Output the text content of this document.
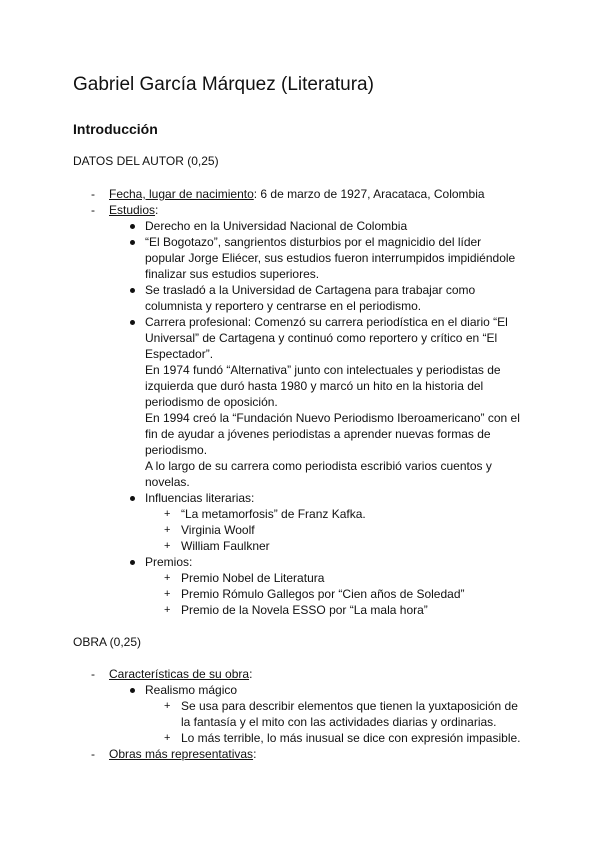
Gabriel García Márquez (Literatura)
Introducción

DATOS DEL AUTOR (0,25)

- Fecha, lugar de nacimiento: 6 de marzo de 1927, Aracataca, Colombia

- Estudios:

Derecho en la Universidad Nacional de Colombia

“El Bogotazo”, sangrientos disturbios por el magnicidio del líder

popular Jorge Eliécer, sus estudios fueron interrumpidos impidiéndole

finalizar sus estudios superiores.

Se trasladó a la Universidad de Cartagena para trabajar como

columnista y reportero y centrarse en el periodismo.

Carrera profesional: Comenzó su carrera periodística en el diario “El

Universal” de Cartagena y continuó como reportero y crítico en “El

Espectador”.

En 1974 fundó “Alternativa” junto con intelectuales y periodistas de

izquierda que duró hasta 1980 y marcó un hito en la historia del

periodismo de oposición.

En 1994 creó la “Fundación Nuevo Periodismo Iberoamericano” con el

fin de ayudar a jóvenes periodistas a aprender nuevas formas de

periodismo.

A lo largo de su carrera como periodista escribió varios cuentos y

novelas.

Influencias literarias:

+ “La metamorfosis” de Franz Kafka.

+ Virginia Woolf

+ William Faulkner

Premios:

+ Premio Nobel de Literatura

+ Premio Rómulo Gallegos por “Cien años de Soledad”

+ Premio de la Novela ESSO por “La mala hora”

OBRA (0,25)

- Características de su obra:

Realismo mágico

+ Se usa para describir elementos que tienen la yuxtaposición de

la fantasía y el mito con las actividades diarias y ordinarias.

+ Lo más terrible, lo más inusual se dice con expresión impasible.

- Obras más representativas:
